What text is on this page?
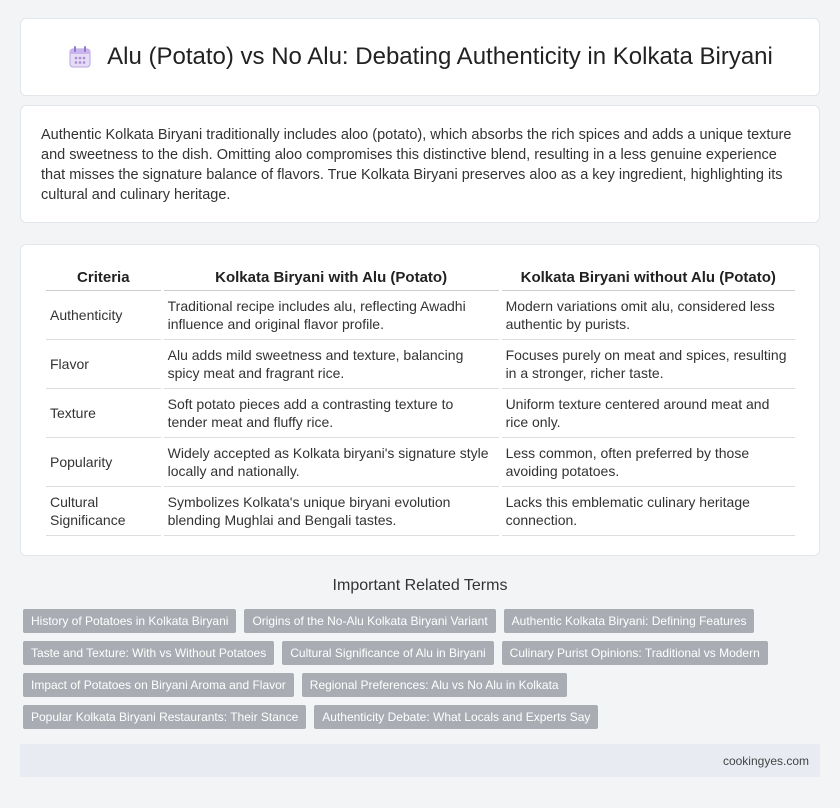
Alu (Potato) vs No Alu: Debating Authenticity in Kolkata Biryani

Authentic Kolkata Biryani traditionally includes aloo (potato), which absorbs the rich spices and adds a unique texture and sweetness to the dish. Omitting aloo compromises this distinctive blend, resulting in a less genuine experience that misses the signature balance of flavors. True Kolkata Biryani preserves aloo as a key ingredient, highlighting its cultural and culinary heritage.

Criteria	Kolkata Biryani with Alu (Potato)	Kolkata Biryani without Alu (Potato)
Authenticity	Traditional recipe includes alu, reflecting Awadhi influence and original flavor profile.	Modern variations omit alu, considered less authentic by purists.
Flavor	Alu adds mild sweetness and texture, balancing spicy meat and fragrant rice.	Focuses purely on meat and spices, resulting in a stronger, richer taste.
Texture	Soft potato pieces add a contrasting texture to tender meat and fluffy rice.	Uniform texture centered around meat and rice only.
Popularity	Widely accepted as Kolkata biryani's signature style locally and nationally.	Less common, often preferred by those avoiding potatoes.
Cultural Significance	Symbolizes Kolkata's unique biryani evolution blending Mughlai and Bengali tastes.	Lacks this emblematic culinary heritage connection.
Important Related Terms
History of Potatoes in Kolkata Biryani	Origins of the No-Alu Kolkata Biryani Variant	Authentic Kolkata Biryani: Defining Features
Taste and Texture: With vs Without Potatoes	Cultural Significance of Alu in Biryani	Culinary Purist Opinions: Traditional vs Modern
Impact of Potatoes on Biryani Aroma and Flavor	Regional Preferences: Alu vs No Alu in Kolkata
Popular Kolkata Biryani Restaurants: Their Stance	Authenticity Debate: What Locals and Experts Say
cookingyes.com
